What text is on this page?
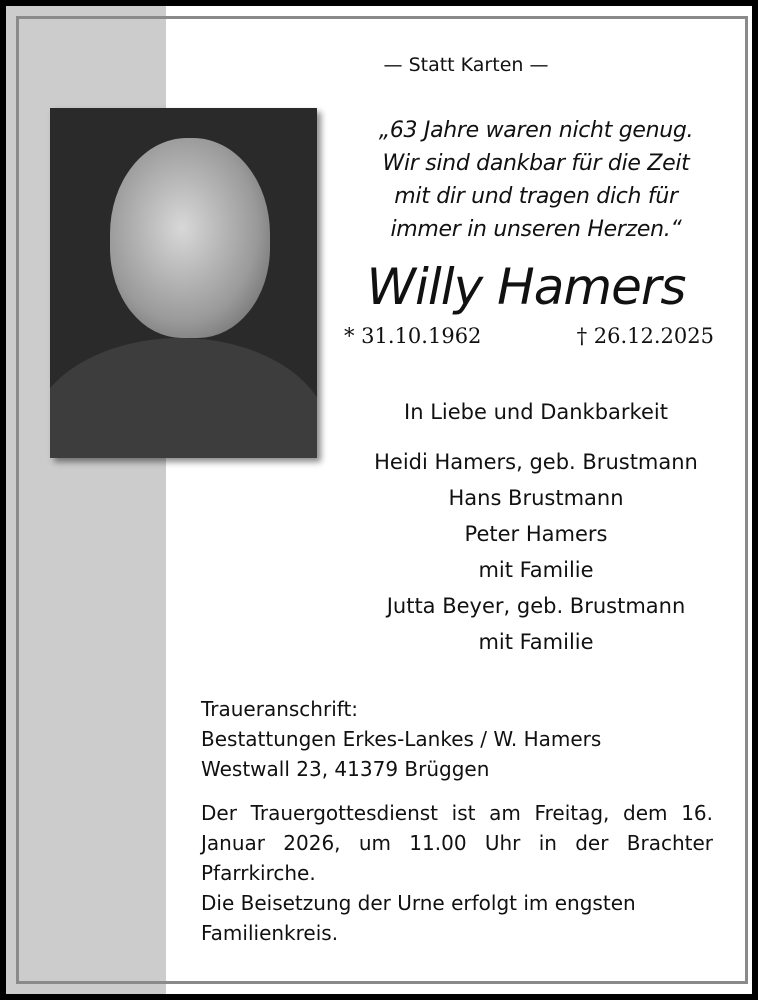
— Statt Karten —
„63 Jahre waren nicht genug.
Wir sind dankbar für die Zeit
mit dir und tragen dich für
immer in unseren Herzen.“
Willy Hamers
* 31.10.1962	† 26.12.2025
In Liebe und Dankbarkeit
Heidi Hamers, geb. Brustmann
Hans Brustmann
Peter Hamers
mit Familie
Jutta Beyer, geb. Brustmann
mit Familie
Traueranschrift:
Bestattungen Erkes-Lankes / W. Hamers
Westwall 23, 41379 Brüggen
Der Trauergottesdienst ist am Freitag, dem 16. Januar 2026, um 11.00 Uhr in der Brachter Pfarrkirche.
Die Beisetzung der Urne erfolgt im engsten Familienkreis.
